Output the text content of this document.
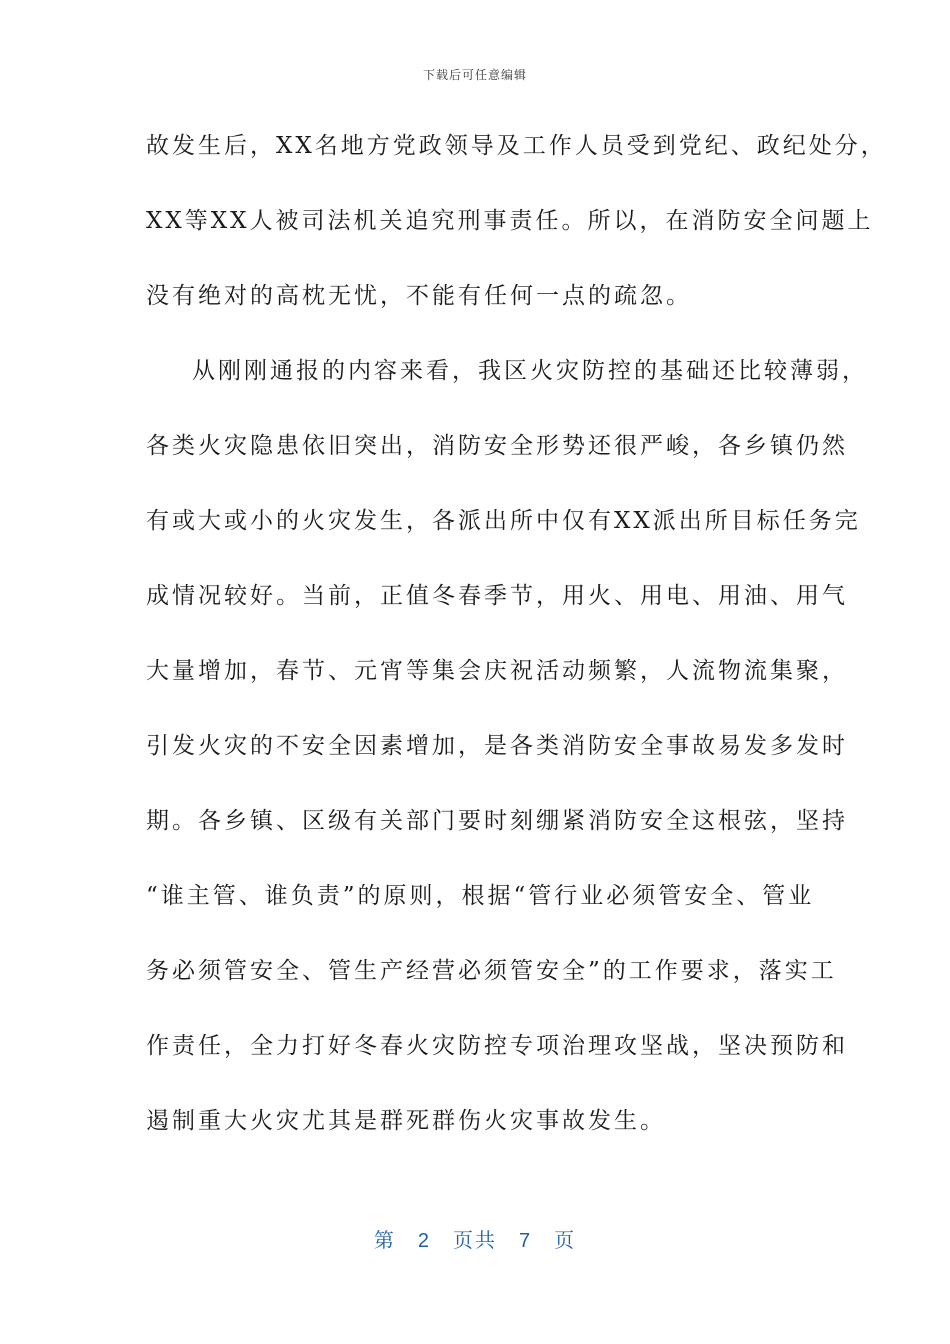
下载后可任意编辑
故发生后，XX名地方党政领导及工作人员受到党纪、政纪处分，
XX等XX人被司法机关追究刑事责任。所以，在消防安全问题上
没有绝对的高枕无忧，不能有任何一点的疏忽。
从刚刚通报的内容来看，我区火灾防控的基础还比较薄弱，
各类火灾隐患依旧突出，消防安全形势还很严峻，各乡镇仍然
有或大或小的火灾发生，各派出所中仅有XX派出所目标任务完
成情况较好。当前，正值冬春季节，用火、用电、用油、用气
大量增加，春节、元宵等集会庆祝活动频繁，人流物流集聚，
引发火灾的不安全因素增加，是各类消防安全事故易发多发时
期。各乡镇、区级有关部门要时刻绷紧消防安全这根弦，坚持
“谁主管、谁负责”的原则，根据“管行业必须管安全、管业
务必须管安全、管生产经营必须管安全”的工作要求，落实工
作责任，全力打好冬春火灾防控专项治理攻坚战，坚决预防和
遏制重大火灾尤其是群死群伤火灾事故发生。
第 2 页共 7 页
